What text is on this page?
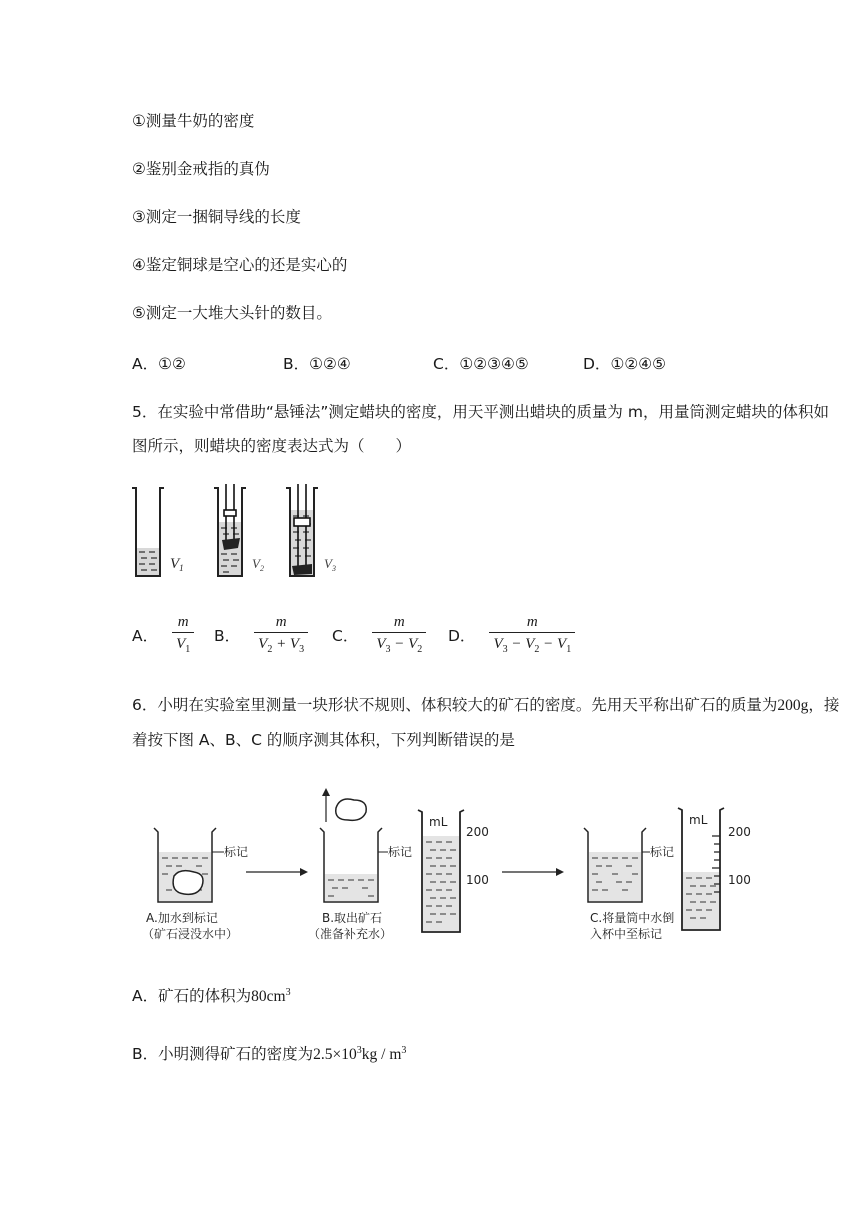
①测量牛奶的密度
②鉴别金戒指的真伪
③测定一捆铜导线的长度
④鉴定铜球是空心的还是实心的
⑤测定一大堆大头针的数目。
A．①②	B．①②④	C．①②③④⑤	D．①②④⑤
5．在实验中常借助“悬锤法”测定蜡块的密度，用天平测出蜡块的质量为 m，用量筒测定蜡块的体积如图所示，则蜡块的密度表达式为（　　）
$V_1$	$V_2$	$V_3$
A． $\frac{m}{V_1}$ B． $\frac{m}{V_2 + V_3}$ C． $\frac{m}{V_3 - V_2}$ D． $\frac{m}{V_3 - V_2 - V_1}$
6．小明在实验室里测量一块形状不规则、体积较大的矿石的密度。先用天平称出矿石的质量为200g，接着按下图 A、B、C 的顺序测其体积，下列判断错误的是
标记
A.加水到标记
（矿石浸没水中）
标记
B.取出矿石
（准备补充水）
mL
200
100
标记
C.将量筒中水倒
入杯中至标记
mL
200
100
A．矿石的体积为$80cm^3$
B．小明测得矿石的密度为$2.5\times 10^3kg / m^3$
